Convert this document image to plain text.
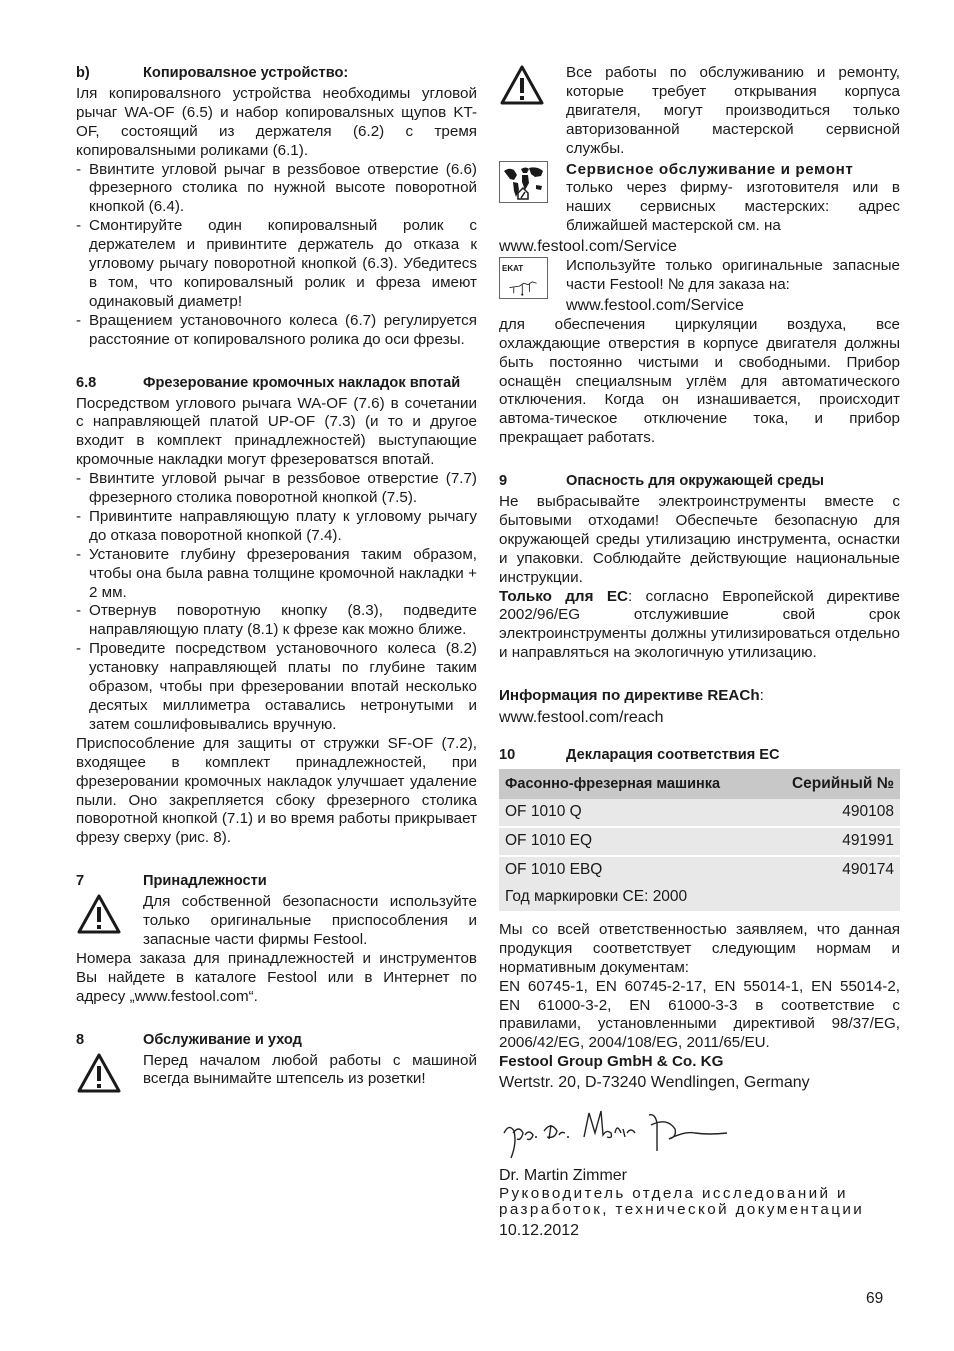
b)	Копировалsное устройство:

Iля копировалsного устройства необходимы угловой рычаг WA-OF (6.5) и набор копировалsных щупов KT-OF, состоящий из держателя (6.2) с тремя копировалsными роликами (6.1).

- Ввинтите угловой рычаг в резsбовое отверстие (6.6) фрезерного столика по нужной высоте поворотной кнопкой (6.4).
- Смонтируйте один копировалsный ролик с держателем и привинтите держатель до отказа к угловому рычагу поворотной кнопкой (6.3). Убедитесs в том, что копировалsный ролик и фреза имеют одинаковый диаметр!
- Вращением установочного колеса (6.7) регулируется расстояние от копировалsного ролика до оси фрезы.
6.8	Фрезерование кромочных накладок впотай

Посредством углового рычага WA-OF (7.6) в сочетании с направляющей платой UP-OF (7.3) (и то и другое входит в комплект принадлежностей) выступающие кромочные накладки могут фрезероватsся впотай.

- Ввинтите угловой рычаг в резsбовое отверстие (7.7) фрезерного столика поворотной кнопкой (7.5).
- Привинтите направляющую плату к угловому рычагу до отказа поворотной кнопкой (7.4).
- Установите глубину фрезерования таким образом, чтобы она была равна толщине кромочной накладки + 2 мм.
- Отвернув поворотную кнопку (8.3), подведите направляющую плату (8.1) к фрезе как можно ближе.
- Проведите посредством установочного колеса (8.2) установку направляющей платы по глубине таким образом, чтобы при фрезеровании впотай несколько десятых миллиметра оставались нетронутыми и затем сошлифовывались вручную.

Приспособление для защиты от стружки SF-OF (7.2), входящее в комплект принадлежностей, при фрезеровании кромочных накладок улучшает удаление пыли. Оно закрепляется сбоку фрезерного столика поворотной кнопкой (7.1) и во время работы прикрывает фрезу сверху (рис. 8).

7	Принадлежности

Для собственной безопасности используйте только оригинальные приспособления и запасные части фирмы Festool.

Номера заказа для принадлежностей и инструментов Вы найдете в каталоге Festool или в Интернет по адресу „www.festool.com“.

8	Обслуживание и уход

Перед началом любой работы с машиной всегда вынимайте штепсель из розетки!

Все работы по обслуживанию и ремонту, которые требует открывания корпуса двигателя, могут производиться только авторизованной мастерской сервисной службы.

Сервисное обслуживание и ремонт

только через фирму- изготовителя или в наших сервисных мастерских: адрес ближайшей мастерской см. на

www.festool.com/Service

EKAT	Используйте только оригинальные запасные части Festool! № для заказа на:

www.festool.com/Service

для обеспечения циркуляции воздуха, все охлаждающие отверстия в корпусе двигателя должны быть постоянно чистыми и свободными. Прибор оснащён специалsным углём для автоматического отключения. Когда он изнашивается, происходит автома-тическое отключение тока, и прибор прекращает работатs.

9	Опасность для окружающей среды

Не выбрасывайте электроинструменты вместе с бытовыми отходами! Обеспечьте безопасную для окружающей среды утилизацию инструмента, оснастки и упаковки. Соблюдайте действующие национальные инструкции.

Только для ЕС: согласно Европейской директиве 2002/96/EG отслужившие свой срок электроинструменты должны утилизироваться отдельно и направляться на экологичную утилизацию.

Информация по директиве REACh:

www.festool.com/reach

10	Декларация соответствия ЕС
Фасонно-фрезерная машинка	Серийный №
OF 1010 Q	490108
OF 1010 EQ	491991
OF 1010 EBQ	490174
Год маркировки CE: 2000	

Мы со всей ответственностью заявляем, что данная продукция соответствует следующим нормам и нормативным документам:

EN 60745-1, EN 60745-2-17, EN 55014-1, EN 55014-2, EN 61000-3-2, EN 61000-3-3 в соответствие с правилами, установленными директивой 98/37/EG, 2006/42/EG, 2004/108/EG, 2011/65/EU.

Festool Group GmbH & Co. KG

Wertstr. 20, D-73240 Wendlingen, Germany

Dr. Martin Zimmer

Руководитель отдела исследований и разработок, технической документации

10.12.2012

69
